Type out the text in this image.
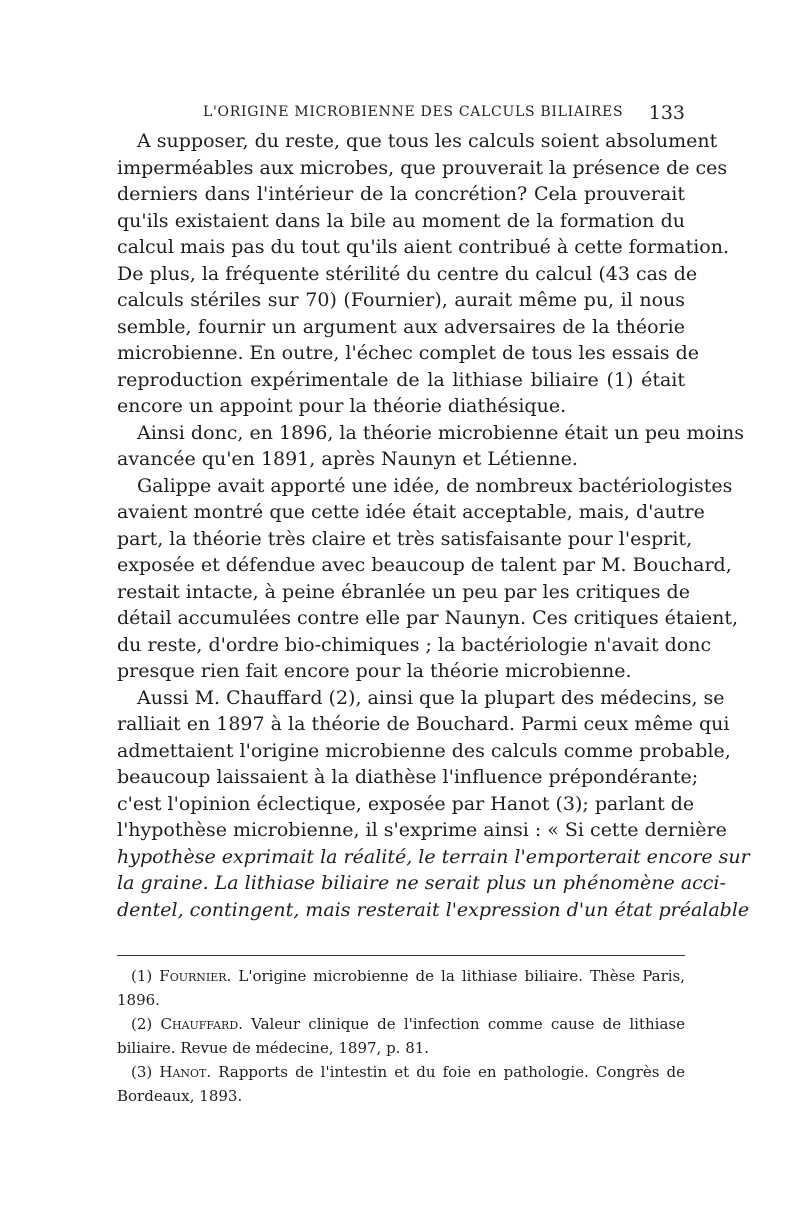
L'ORIGINE MICROBIENNE DES CALCULS BILIAIRES 133
A supposer, du reste, que tous les calculs soient absolument
imperméables aux microbes, que prouverait la présence de ces
derniers dans l'intérieur de la concrétion? Cela prouverait
qu'ils existaient dans la bile au moment de la formation du
calcul mais pas du tout qu'ils aient contribué à cette formation.
De plus, la fréquente stérilité du centre du calcul (43 cas de
calculs stériles sur 70) (Fournier), aurait même pu, il nous
semble, fournir un argument aux adversaires de la théorie
microbienne. En outre, l'échec complet de tous les essais de
reproduction expérimentale de la lithiase biliaire (1) était
encore un appoint pour la théorie diathésique.
Ainsi donc, en 1896, la théorie microbienne était un peu moins
avancée qu'en 1891, après Naunyn et Létienne.
Galippe avait apporté une idée, de nombreux bactériologistes
avaient montré que cette idée était acceptable, mais, d'autre
part, la théorie très claire et très satisfaisante pour l'esprit,
exposée et défendue avec beaucoup de talent par M. Bouchard,
restait intacte, à peine ébranlée un peu par les critiques de
détail accumulées contre elle par Naunyn. Ces critiques étaient,
du reste, d'ordre bio-chimiques ; la bactériologie n'avait donc
presque rien fait encore pour la théorie microbienne.
Aussi M. Chauffard (2), ainsi que la plupart des médecins, se
ralliait en 1897 à la théorie de Bouchard. Parmi ceux même qui
admettaient l'origine microbienne des calculs comme probable,
beaucoup laissaient à la diathèse l'influence prépondérante;
c'est l'opinion éclectique, exposée par Hanot (3); parlant de
l'hypothèse microbienne, il s'exprime ainsi : « Si cette dernière
hypothèse exprimait la réalité, le terrain l'emporterait encore sur
la graine. La lithiase biliaire ne serait plus un phénomène acci-
dentel, contingent, mais resterait l'expression d'un état préalable
(1) Fournier. L'origine microbienne de la lithiase biliaire. Thèse Paris,
1896.
(2) Chauffard. Valeur clinique de l'infection comme cause de lithiase
biliaire. Revue de médecine, 1897, p. 81.
(3) Hanot. Rapports de l'intestin et du foie en pathologie. Congrès de
Bordeaux, 1893.
